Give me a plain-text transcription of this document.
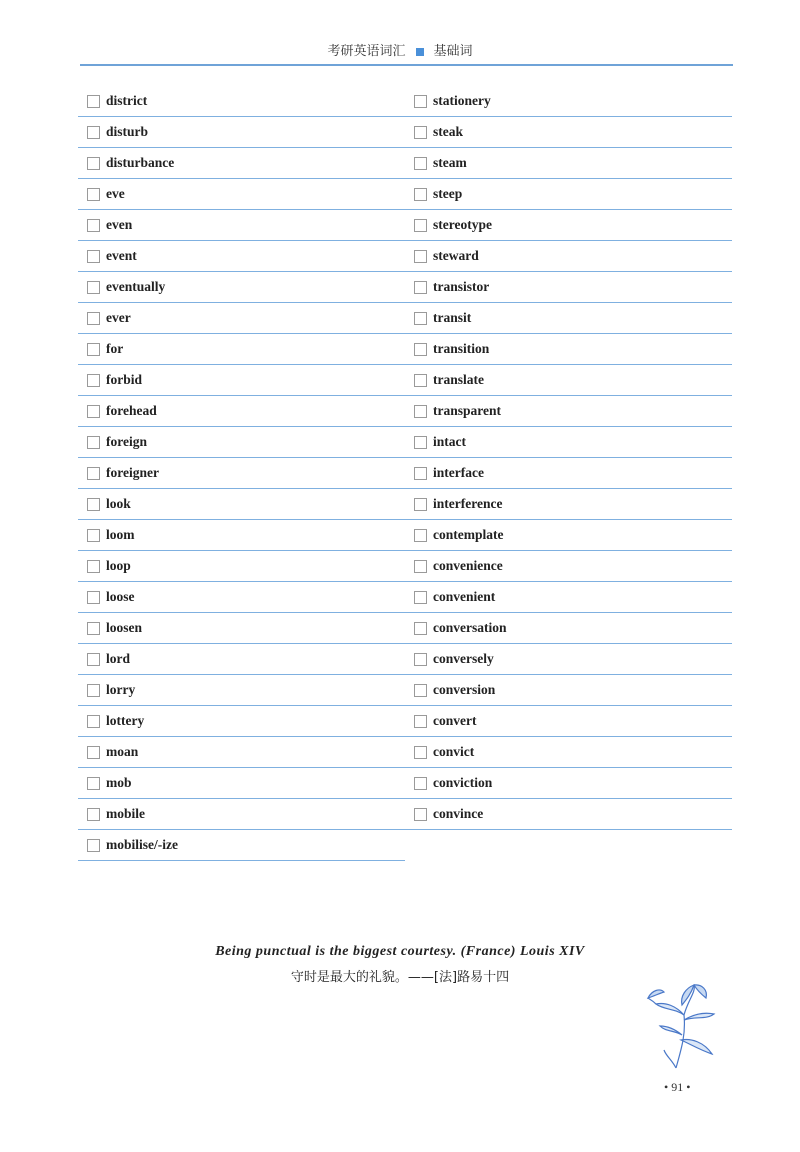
考研英语词汇 基础词
district
disturb
disturbance
eve
even
event
eventually
ever
for
forbid
forehead
foreign
foreigner
look
loom
loop
loose
loosen
lord
lorry
lottery
moan
mob
mobile
mobilise/-ize
stationery
steak
steam
steep
stereotype
steward
transistor
transit
transition
translate
transparent
intact
interface
interference
contemplate
convenience
convenient
conversation
conversely
conversion
convert
convict
conviction
convince
Being punctual is the biggest courtesy. (France) Louis XIV
守时是最大的礼貌。——[法]路易十四
• 91 •
